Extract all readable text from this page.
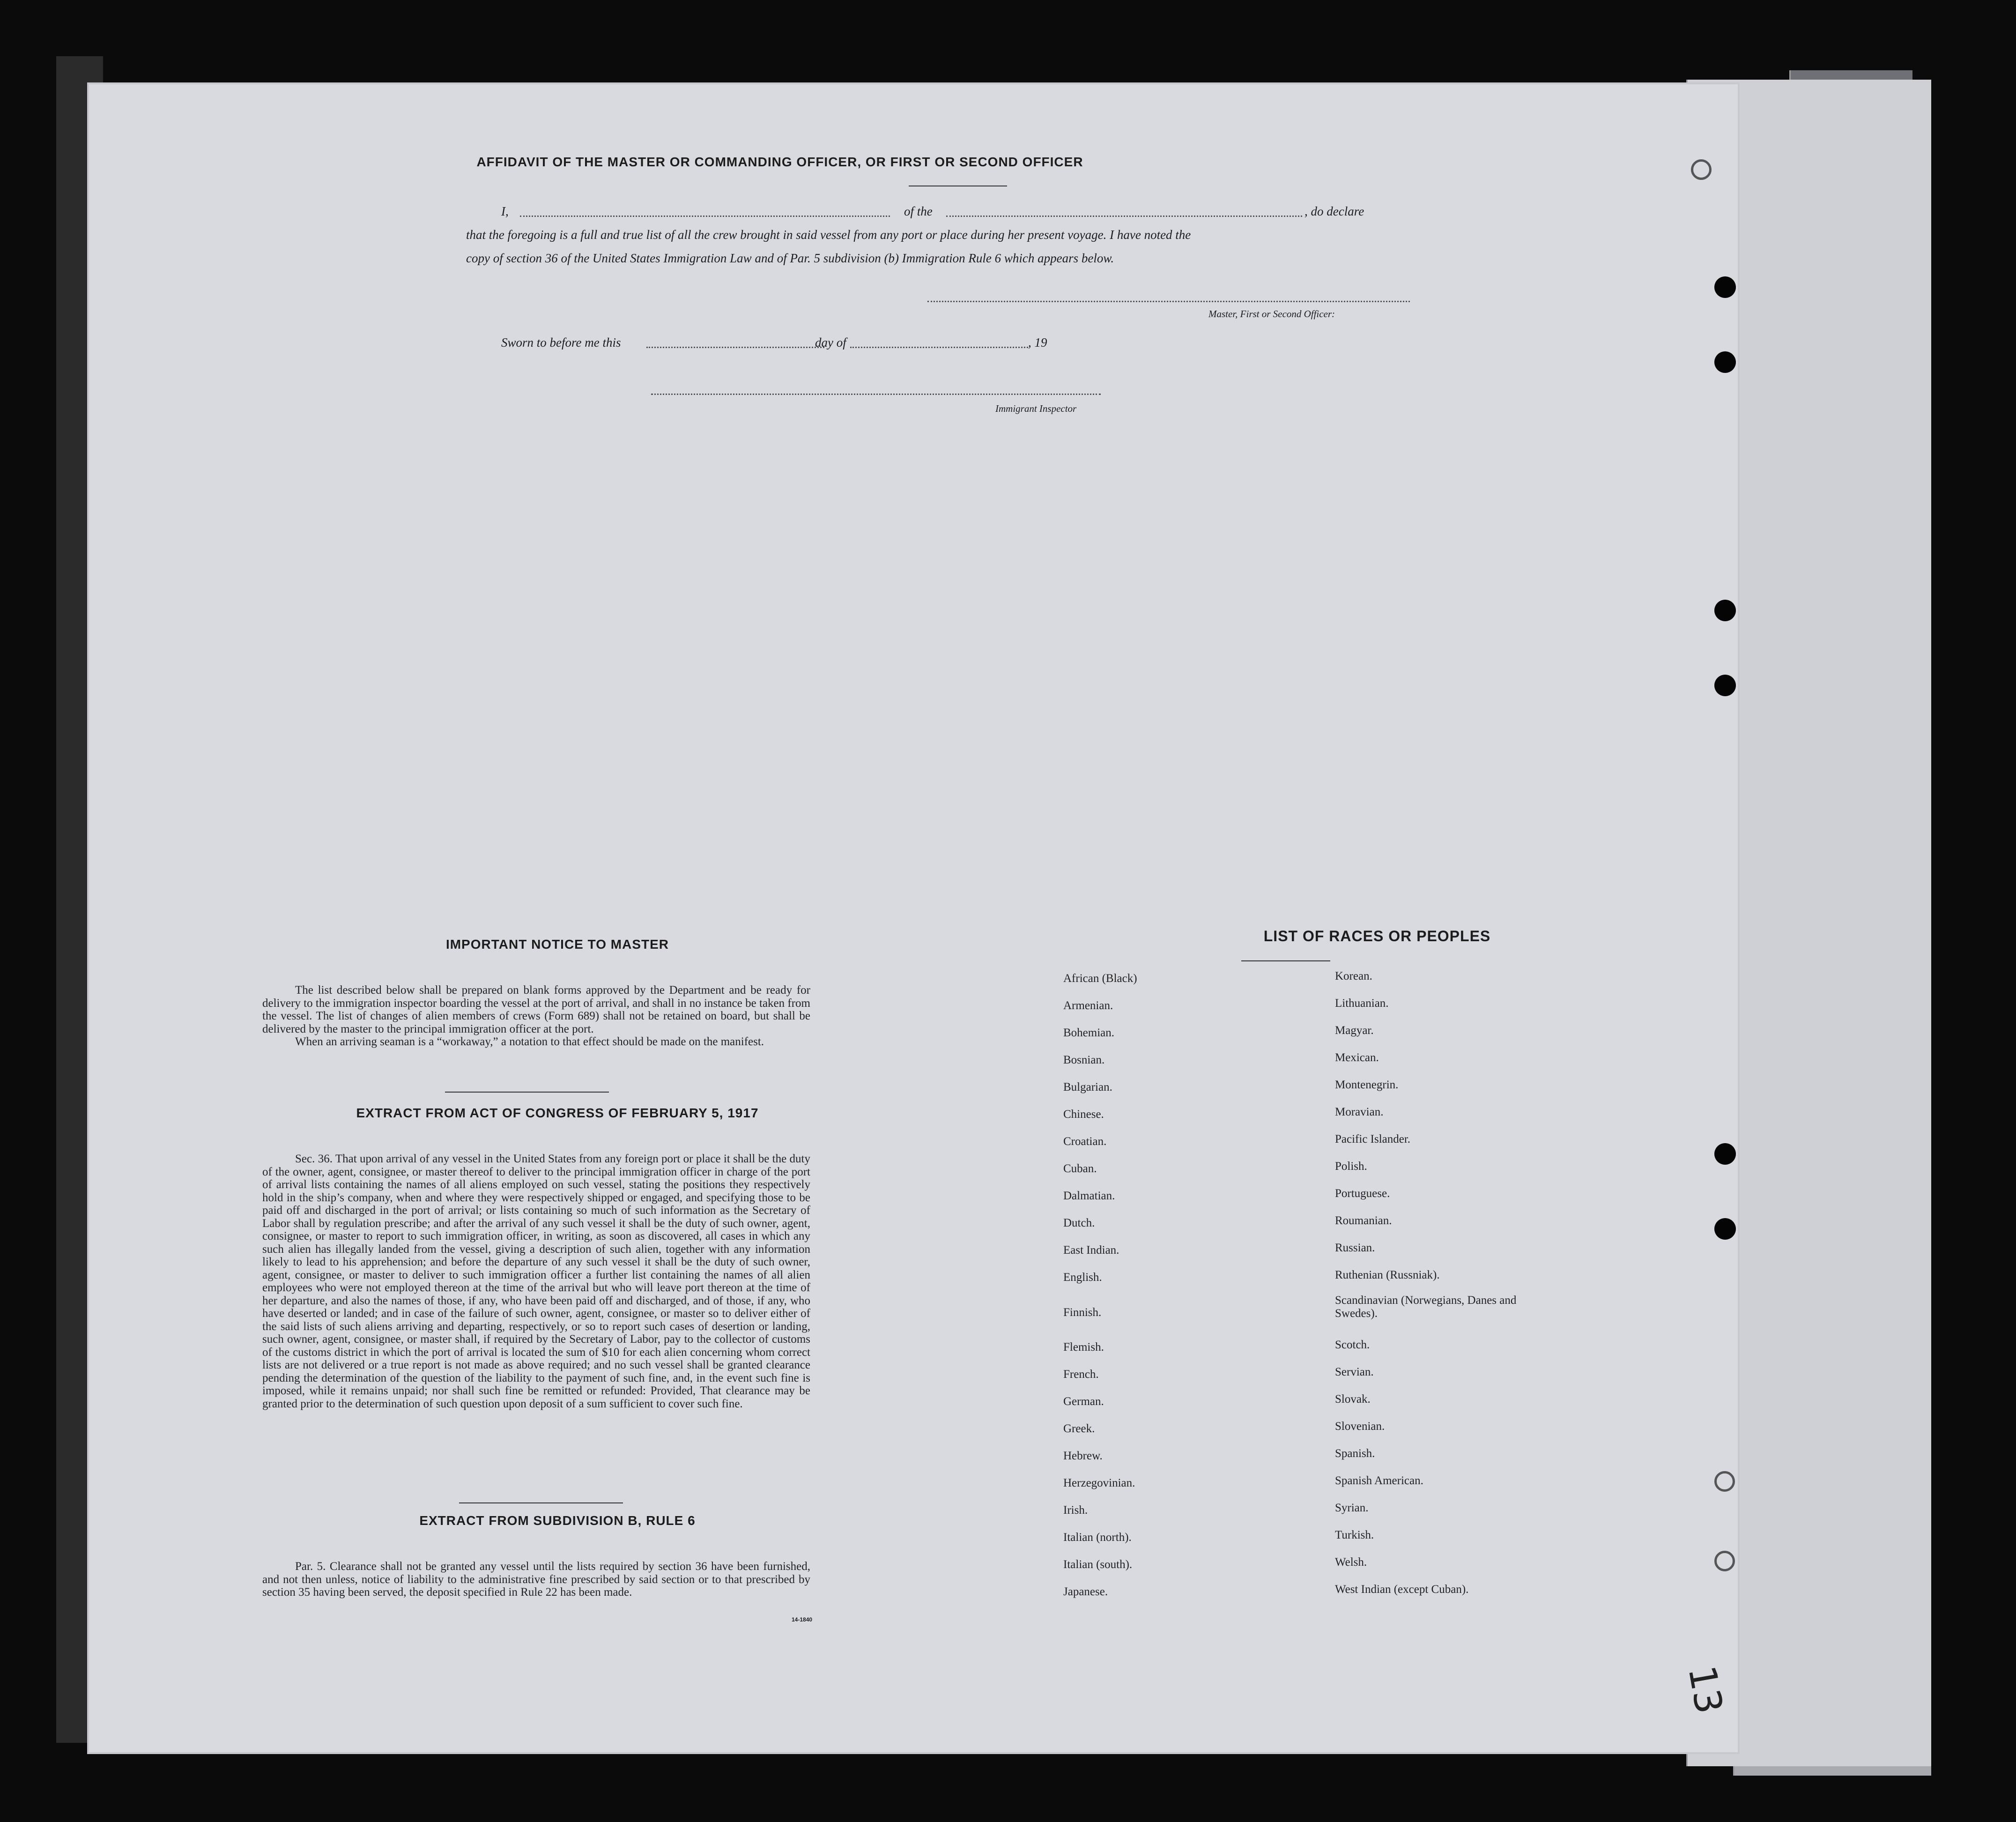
AFFIDAVIT OF THE MASTER OR COMMANDING OFFICER, OR FIRST OR SECOND OFFICER
I,	of the	, do declare
that the foregoing is a full and true list of all the crew brought in said vessel from any port or place during her present voyage. I have noted the
copy of section 36 of the United States Immigration Law and of Par. 5 subdivision (b) Immigration Rule 6 which appears below.
Master, First or Second Officer:
Sworn to before me this	day of	, 19
Immigrant Inspector
IMPORTANT NOTICE TO MASTER

The list described below shall be prepared on blank forms approved by the Department and be ready for delivery to the immigration inspector boarding the vessel at the port of arrival, and shall in no instance be taken from the vessel. The list of changes of alien members of crews (Form 689) shall not be retained on board, but shall be delivered by the master to the principal immigration officer at the port.

When an arriving seaman is a “workaway,” a notation to that effect should be made on the manifest.

EXTRACT FROM ACT OF CONGRESS OF FEBRUARY 5, 1917

Sec. 36. That upon arrival of any vessel in the United States from any foreign port or place it shall be the duty of the owner, agent, consignee, or master thereof to deliver to the principal immigration officer in charge of the port of arrival lists containing the names of all aliens employed on such vessel, stating the positions they respectively hold in the ship’s company, when and where they were respectively shipped or engaged, and specifying those to be paid off and discharged in the port of arrival; or lists containing so much of such information as the Secretary of Labor shall by regulation prescribe; and after the arrival of any such vessel it shall be the duty of such owner, agent, consignee, or master to report to such immigration officer, in writing, as soon as discovered, all cases in which any such alien has illegally landed from the vessel, giving a description of such alien, together with any information likely to lead to his apprehension; and before the departure of any such vessel it shall be the duty of such owner, agent, consignee, or master to deliver to such immigration officer a further list containing the names of all alien employees who were not employed thereon at the time of the arrival but who will leave port thereon at the time of her departure, and also the names of those, if any, who have been paid off and discharged, and of those, if any, who have deserted or landed; and in case of the failure of such owner, agent, consignee, or master so to deliver either of the said lists of such aliens arriving and departing, respectively, or so to report such cases of desertion or landing, such owner, agent, consignee, or master shall, if required by the Secretary of Labor, pay to the collector of customs of the customs district in which the port of arrival is located the sum of $10 for each alien concerning whom correct lists are not delivered or a true report is not made as above required; and no such vessel shall be granted clearance pending the determination of the question of the liability to the payment of such fine, and, in the event such fine is imposed, while it remains unpaid; nor shall such fine be remitted or refunded: Provided, That clearance may be granted prior to the determination of such question upon deposit of a sum sufficient to cover such fine.

EXTRACT FROM SUBDIVISION B, RULE 6

Par. 5. Clearance shall not be granted any vessel until the lists required by section 36 have been furnished, and not then unless, notice of liability to the administrative fine prescribed by said section or to that prescribed by section 35 having been served, the deposit specified in Rule 22 has been made.

14-1840
LIST OF RACES OR PEOPLES
African (Black)
Armenian.
Bohemian.
Bosnian.
Bulgarian.
Chinese.
Croatian.
Cuban.
Dalmatian.
Dutch.
East Indian.
English.
Finnish.
Flemish.
French.
German.
Greek.
Hebrew.
Herzegovinian.
Irish.
Italian (north).
Italian (south).
Japanese.
Korean.
Lithuanian.
Magyar.
Mexican.
Montenegrin.
Moravian.
Pacific Islander.
Polish.
Portuguese.
Roumanian.
Russian.
Ruthenian (Russniak).
Scandinavian (Norwegians, Danes and Swedes).
Scotch.
Servian.
Slovak.
Slovenian.
Spanish.
Spanish American.
Syrian.
Turkish.
Welsh.
West Indian (except Cuban).
13
